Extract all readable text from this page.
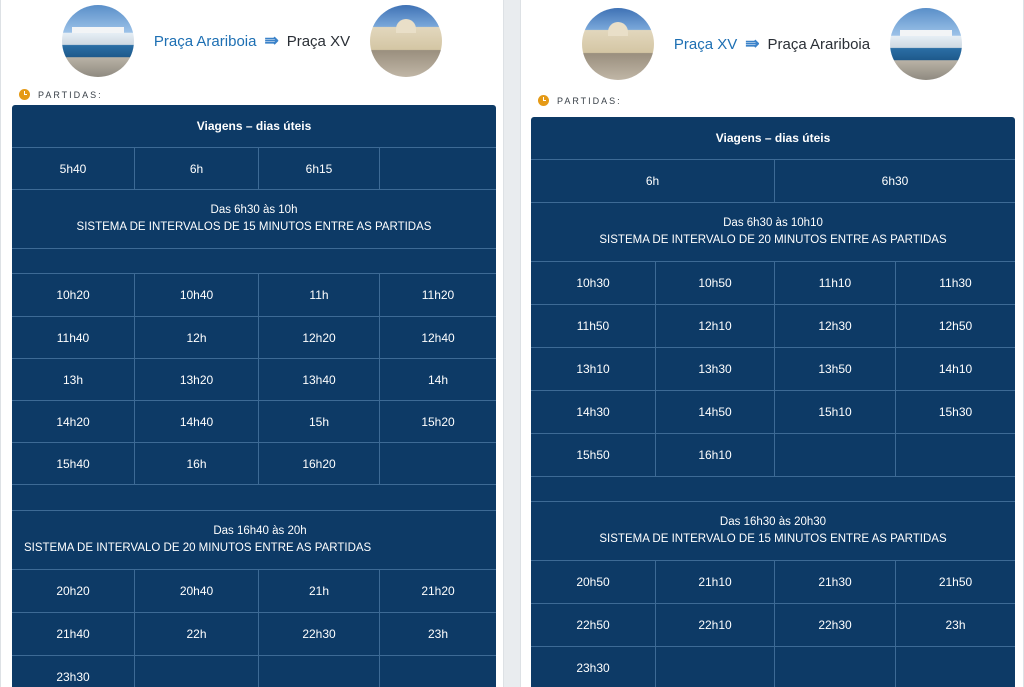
Praça Arariboia ⇛ Praça XV
PARTIDAS:
Viagens – dias úteis
5h40	6h	6h15
Das 6h30 às 10h
SISTEMA DE INTERVALOS DE 15 MINUTOS ENTRE AS PARTIDAS
10h20	10h40	11h	11h20
11h40	12h	12h20	12h40
13h	13h20	13h40	14h
14h20	14h40	15h	15h20
15h40	16h	16h20
Das 16h40 às 20h
SISTEMA DE INTERVALO DE 20 MINUTOS ENTRE AS PARTIDAS
20h20	20h40	21h	21h20
21h40	22h	22h30	23h
23h30
Praça XV ⇛ Praça Arariboia
PARTIDAS:
Viagens – dias úteis
6h	6h30
Das 6h30 às 10h10
SISTEMA DE INTERVALO DE 20 MINUTOS ENTRE AS PARTIDAS
10h30	10h50	11h10	11h30
11h50	12h10	12h30	12h50
13h10	13h30	13h50	14h10
14h30	14h50	15h10	15h30
15h50	16h10
Das 16h30 às 20h30
SISTEMA DE INTERVALO DE 15 MINUTOS ENTRE AS PARTIDAS
20h50	21h10	21h30	21h50
22h50	22h10	22h30	23h
23h30
